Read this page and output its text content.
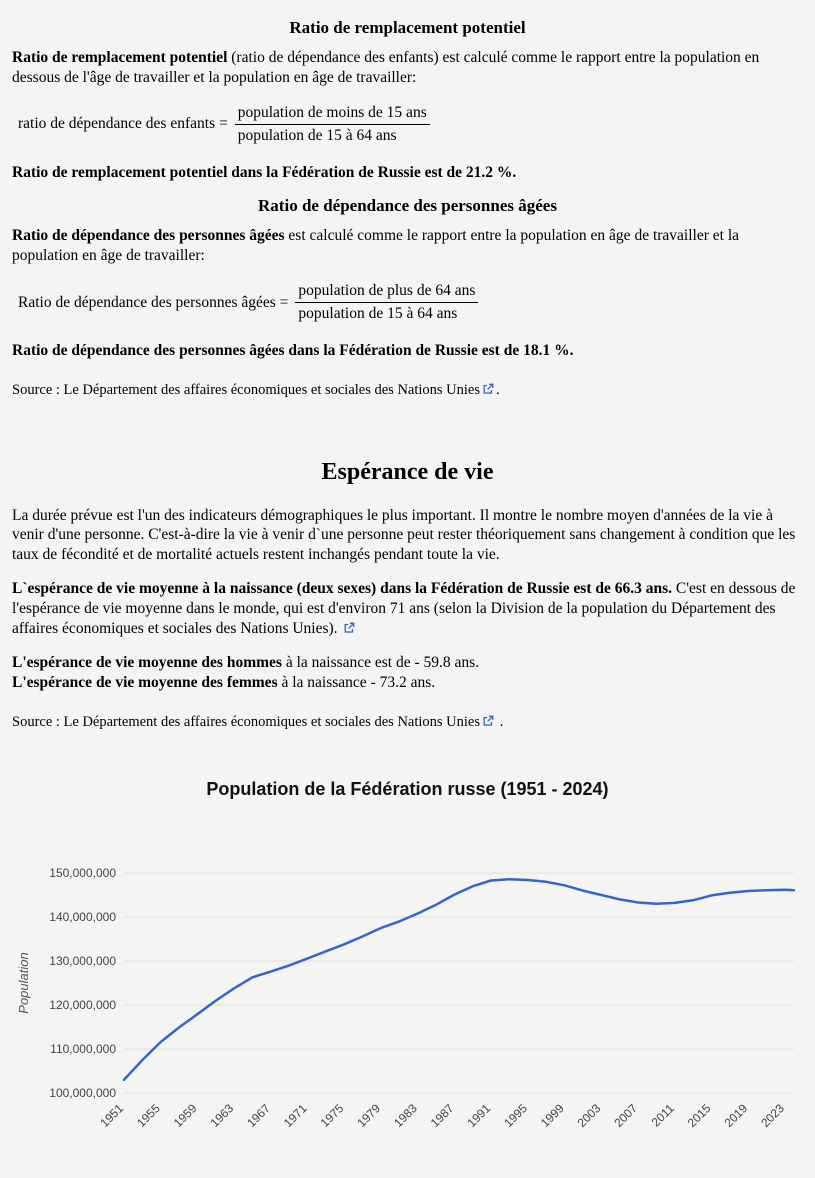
Ratio de remplacement potentiel

Ratio de remplacement potentiel (ratio de dépendance des enfants) est calculé comme le rapport entre la population en dessous de l'âge de travailler et la population en âge de travailler:

ratio de dépendance des enfants = $\frac{\text{population de moins de 15 ans}}{\text{population de 15 à 64 ans}}$

Ratio de remplacement potentiel dans la Fédération de Russie est de 21.2 %.

Ratio de dépendance des personnes âgées

Ratio de dépendance des personnes âgées est calculé comme le rapport entre la population en âge de travailler et la population en âge de travailler:

Ratio de dépendance des personnes âgées = $\frac{\text{population de plus de 64 ans}}{\text{population de 15 à 64 ans}}$

Ratio de dépendance des personnes âgées dans la Fédération de Russie est de 18.1 %.

Source : Le Département des affaires économiques et sociales des Nations Unies .

Espérance de vie

La durée prévue est l'un des indicateurs démographiques le plus important. Il montre le nombre moyen d'années de la vie à venir d'une personne. C'est-à-dire la vie à venir d`une personne peut rester théoriquement sans changement à condition que les taux de fécondité et de mortalité actuels restent inchangés pendant toute la vie.

L`espérance de vie moyenne à la naissance (deux sexes) dans la Fédération de Russie est de 66.3 ans. C'est en dessous de l'espérance de vie moyenne dans le monde, qui est d'environ 71 ans (selon la Division de la population du Département des affaires économiques et sociales des Nations Unies).

L'espérance de vie moyenne des hommes à la naissance est de - 59.8 ans.
L'espérance de vie moyenne des femmes à la naissance - 73.2 ans.

Source : Le Département des affaires économiques et sociales des Nations Unies .

Population de la Fédération russe (1951 - 2024)
100,000,000
110,000,000
120,000,000
130,000,000
140,000,000
150,000,000
1951 1955 1959 1963 1967 1971 1975 1979 1983 1987 1991 1995 1999 2003 2007 2011 2015 2019 2023
Population
